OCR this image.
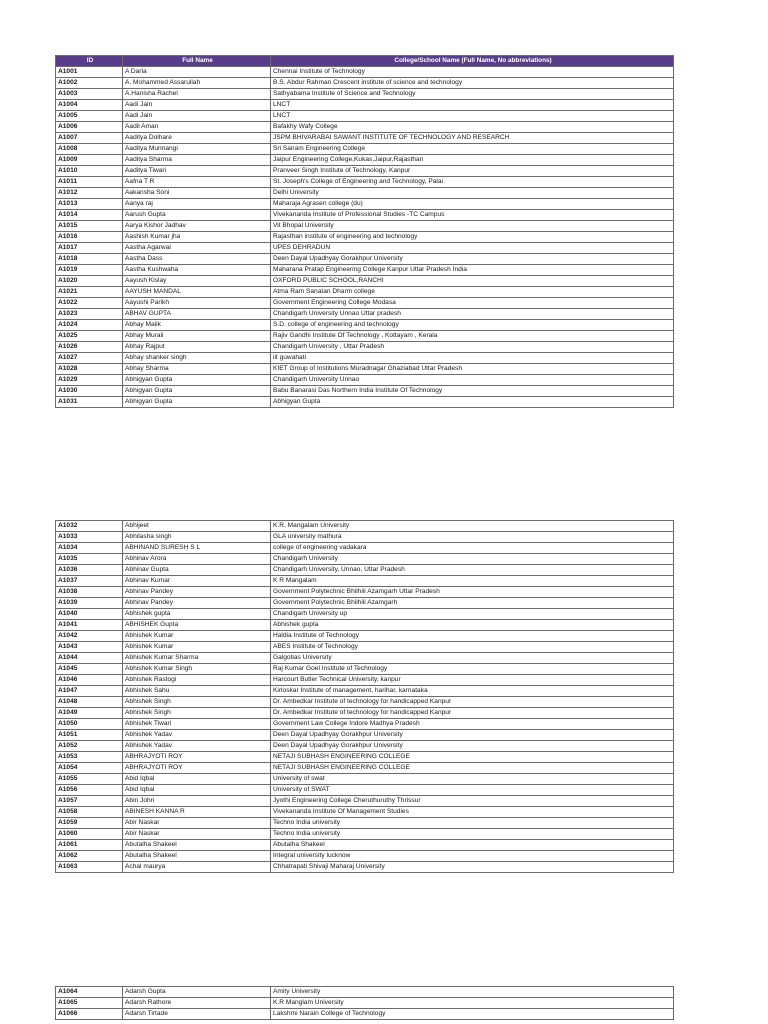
ID	Full Name	College/School Name (Full Name, No abbreviations)
A1001	A Darla	Chennai Institute of Technology
A1002	A. Mohammed Assarullah	B.S. Abdur Rahman Crescent institute of science and technology
A1003	A.Hanisha Rachel	Sathyabama Institute of Science and Technology
A1004	Aadi Jain	LNCT
A1005	Aadi Jain	LNCT
A1006	Aadil Aman	Bafakhy Wafy College
A1007	Aaditya Dolhare	JSPM BHIVARABAI SAWANT INSTITUTE OF TECHNOLOGY AND RESEARCH
A1008	Aaditya Munnangi	Sri Sairam Engineering College
A1009	Aaditya Sharma	Jaipur Engineering College,Kukas,Jaipur,Rajasthan
A1010	Aaditya Tiwari	Pranveer Singh Institute of Technology, Kanpur
A1011	Aafna T R	St. Joseph's College of Engineering and Technology, Palai
A1012	Aakansha Soni	Delhi University
A1013	Aanya raj	Maharaja Agrasen college (du)
A1014	Aarush Gupta	Vivekananda Institute of Professional Studies -TC Campus
A1015	Aarya Kishor Jadhav	Vit Bhopal University
A1016	Aashish Kumar jha	Rajasthan institute of engineering and technology
A1017	Aastha Agarwal	UPES DEHRADUN
A1018	Aastha Dass	Deen Dayal Upadhyay Gorakhpur University
A1019	Aastha Kushwaha	Maharana Pratap Engineering College Kanpur Uttar Pradesh India
A1020	Aayush Kislay	OXFORD PUBLIC SCHOOL,RANCHI
A1021	AAYUSH MANDAL	Atma Ram Sanatan Dharm college
A1022	Aayushi Parikh	Government Engineering College Modasa
A1023	ABHAV GUPTA	Chandigarh University Unnao Uttar pradesh
A1024	Abhay Malik	S.D. college of engineering and technology
A1025	Abhay Murali	Rajiv Gandhi Institute Of Technology , Kottayam , Kerala
A1026	Abhay Rajput	Chandigarh University , Uttar Pradesh
A1027	Abhay shanker singh	iit guwahati
A1028	Abhay Sharma	KIET Group of Institutions Muradnagar Ghaziabad Uttar Pradesh
A1029	Abhigyan Gupta	Chandigarh University Unnao
A1030	Abhigyan Gupta	Babu Banarasi Das Northern India Institute Of Technology
A1031	Abhigyan Gupta	Abhigyan Gupta
A1032	Abhijeet	K.R. Mangalam University
A1033	Abhilasha singh	GLA university mathura
A1034	ABHINAND SURESH S L	college of engineering vadakara
A1035	Abhinav Arora	Chandigarh University
A1036	Abhinav Gupta	Chandigarh University, Unnao, Uttar Pradesh
A1037	Abhinav Kumar	K R Mangalam
A1038	Abhinav Pandey	Government Polytechnic Bhilhili Azamgarh Uttar Pradesh
A1039	Abhinav Pandey	Government Polytechnic Bhilhili Azamgarh
A1040	Abhishek gupta	Chandigarh University up
A1041	ABHISHEK Gupta	Abhishek gupta
A1042	Abhishek Kumar	Haldia Institute of Technology
A1043	Abhishek Kumar	ABES Institute of Technology
A1044	Abhishek Kumar Sharma	Galgotias University
A1045	Abhishek Kumar Singh	Raj Kumar Goel Institute of Technology
A1046	Abhishek Rastogi	Harcourt Butler Technical University, kanpur
A1047	Abhishek Sahu	Kirloskar Institute of management, harihar, karnataka
A1048	Abhishek Singh	Dr. Ambedkar Institute of technology for handicapped Kanpur
A1049	Abhishek Singh	Dr. Ambedkar Institute of technology for handicapped Kanpur
A1050	Abhishek Tiwari	Government Law College Indore Madhya Pradesh
A1051	Abhishek Yadav	Deen Dayal Upadhyay Gorakhpur University
A1052	Abhishek Yadav	Deen Dayal Upadhyay Gorakhpur University
A1053	ABHRAJYOTI ROY	NETAJI SUBHASH ENGINEERING COLLEGE
A1054	ABHRAJYOTI ROY	NETAJI SUBHASH ENGINEERING COLLEGE
A1055	Abid Iqbal	University of swat
A1056	Abid Iqbal	University of SWAT
A1057	Abin John	Jyothi Engineering College Cheruthuruthy Thrissur
A1058	ABINESH KANNA R	Vivekananda Institute Of Management Studies
A1059	Abir Naskar	Techno India university
A1060	Abir Naskar	Techno India university
A1061	Abutalha Shakeel	Abutalha Shakeel
A1062	Abutalha Shakeel	Integral university lucknow
A1063	Achal maurya	Chhatrapati Shivaji Maharaj University
A1064	Adarsh Gupta	Amity University
A1065	Adarsh Rathore	K.R Manglam University
A1066	Adarsh Tirtade	Lakshmi Narain College of Technology
